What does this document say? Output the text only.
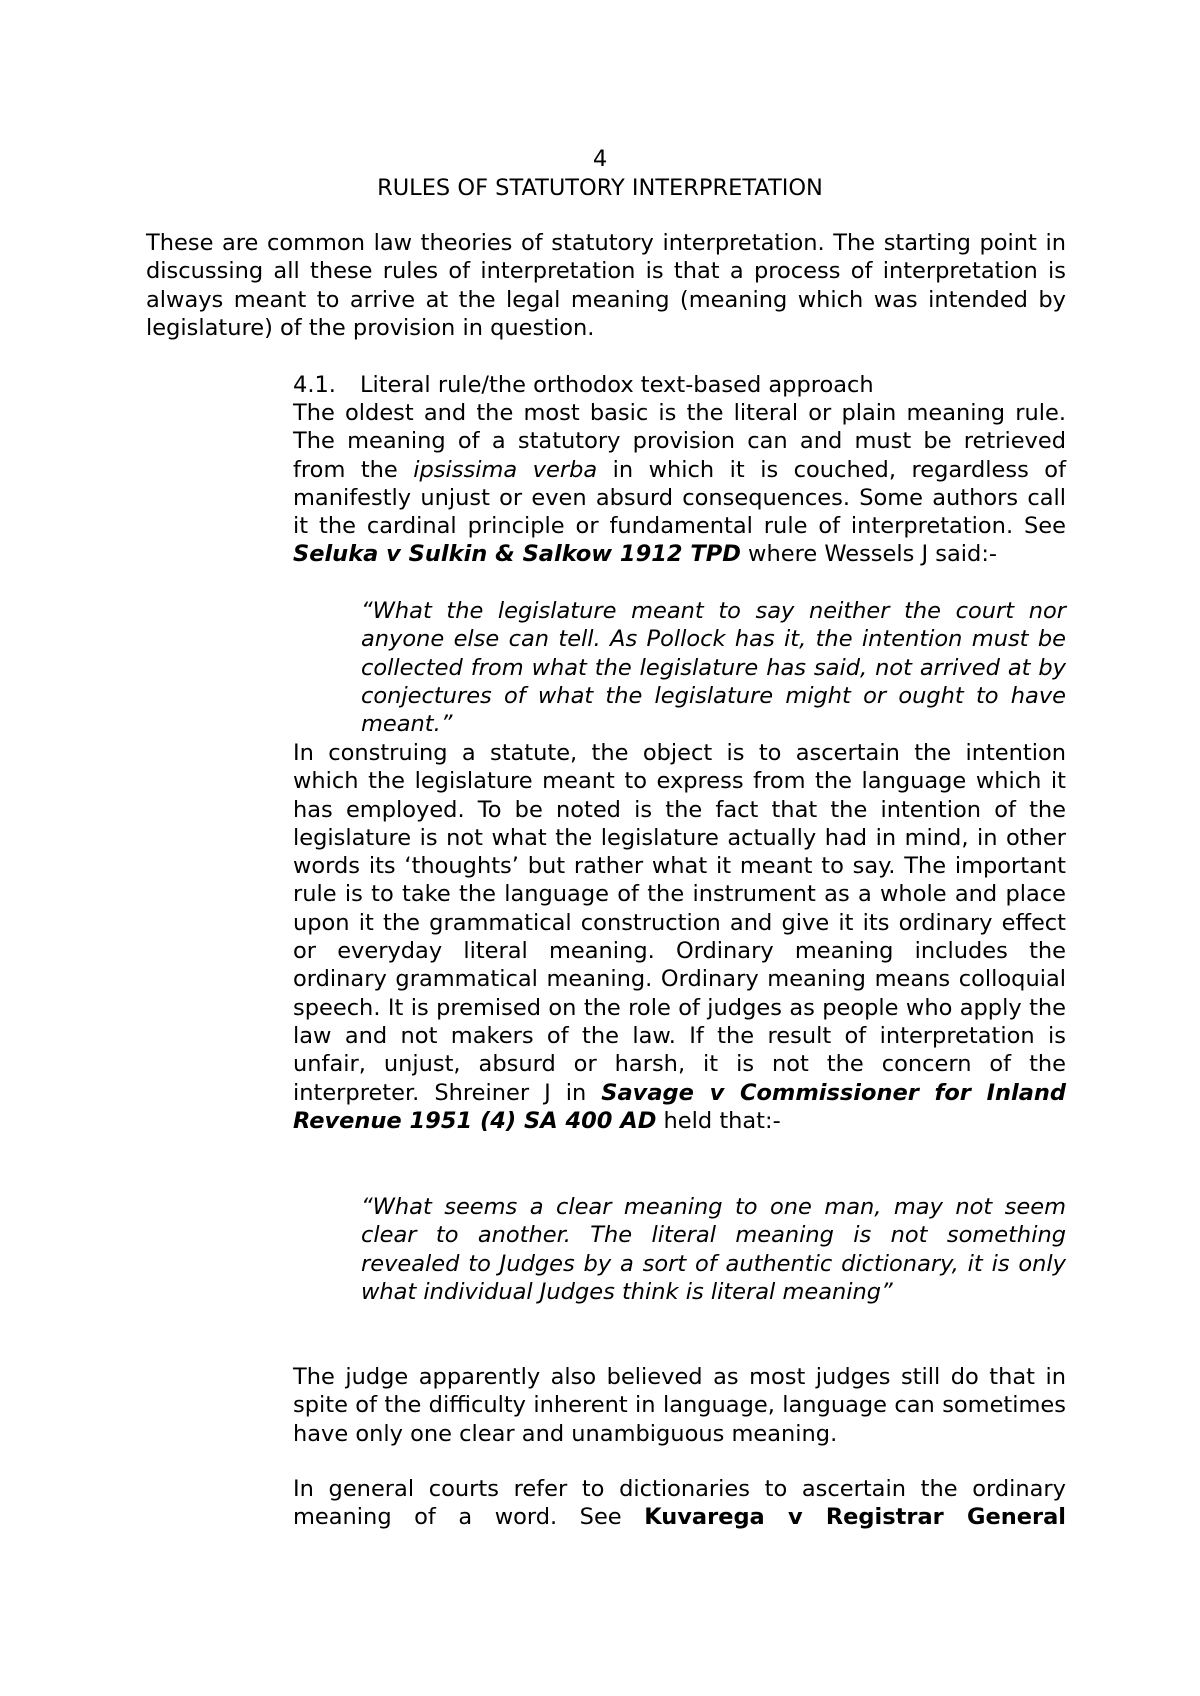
4
RULES OF STATUTORY INTERPRETATION
These are common law theories of statutory interpretation. The starting point in discussing all these rules of interpretation is that a process of interpretation is always meant to arrive at the legal meaning (meaning which was intended by legislature) of the provision in question.
4.1. Literal rule/the orthodox text-based approach
The oldest and the most basic is the literal or plain meaning rule. The meaning of a statutory provision can and must be retrieved from the ipsissima verba in which it is couched, regardless of manifestly unjust or even absurd consequences. Some authors call it the cardinal principle or fundamental rule of interpretation. See Seluka v Sulkin & Salkow 1912 TPD where Wessels J said:-
“What the legislature meant to say neither the court nor anyone else can tell. As Pollock has it, the intention must be collected from what the legislature has said, not arrived at by conjectures of what the legislature might or ought to have meant.”
In construing a statute, the object is to ascertain the intention which the legislature meant to express from the language which it has employed. To be noted is the fact that the intention of the legislature is not what the legislature actually had in mind, in other words its ‘thoughts’ but rather what it meant to say. The important rule is to take the language of the instrument as a whole and place upon it the grammatical construction and give it its ordinary effect or everyday literal meaning. Ordinary meaning includes the ordinary grammatical meaning. Ordinary meaning means colloquial speech. It is premised on the role of judges as people who apply the law and not makers of the law. If the result of interpretation is unfair, unjust, absurd or harsh, it is not the concern of the interpreter. Shreiner J in Savage v Commissioner for Inland Revenue 1951 (4) SA 400 AD held that:-
“What seems a clear meaning to one man, may not seem clear to another. The literal meaning is not something revealed to Judges by a sort of authentic dictionary, it is only what individual Judges think is literal meaning”
The judge apparently also believed as most judges still do that in spite of the difficulty inherent in language, language can sometimes have only one clear and unambiguous meaning.
In general courts refer to dictionaries to ascertain the ordinary meaning of a word. See Kuvarega v Registrar General
